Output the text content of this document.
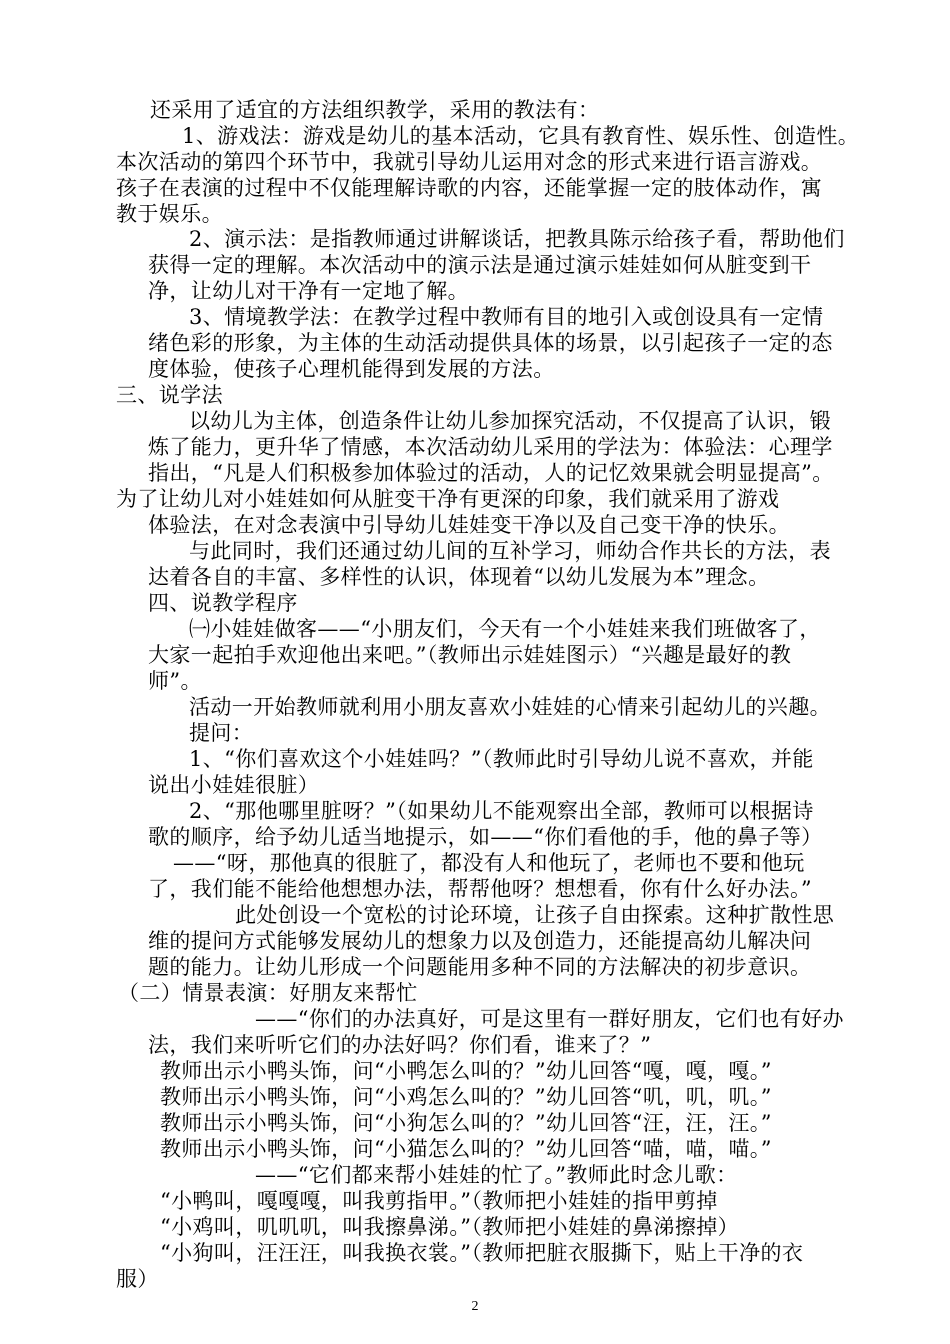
还采用了适宜的方法组织教学，采用的教法有：
1、游戏法：游戏是幼儿的基本活动，它具有教育性、娱乐性、创造性。
本次活动的第四个环节中，我就引导幼儿运用对念的形式来进行语言游戏。
孩子在表演的过程中不仅能理解诗歌的内容，还能掌握一定的肢体动作，寓
教于娱乐。
2、演示法：是指教师通过讲解谈话，把教具陈示给孩子看，帮助他们
获得一定的理解。本次活动中的演示法是通过演示娃娃如何从脏变到干
净，让幼儿对干净有一定地了解。
3、情境教学法：在教学过程中教师有目的地引入或创设具有一定情
绪色彩的形象，为主体的生动活动提供具体的场景，以引起孩子一定的态
度体验，使孩子心理机能得到发展的方法。
三、说学法
以幼儿为主体，创造条件让幼儿参加探究活动，不仅提高了认识，锻
炼了能力，更升华了情感，本次活动幼儿采用的学法为：体验法：心理学
指出，“凡是人们积极参加体验过的活动，人的记忆效果就会明显提高”。
为了让幼儿对小娃娃如何从脏变干净有更深的印象，我们就采用了游戏
体验法，在对念表演中引导幼儿娃娃变干净以及自己变干净的快乐。
与此同时，我们还通过幼儿间的互补学习，师幼合作共长的方法，表
达着各自的丰富、多样性的认识，体现着“以幼儿发展为本”理念。
四、说教学程序
㈠小娃娃做客——“小朋友们，今天有一个小娃娃来我们班做客了，
大家一起拍手欢迎他出来吧。”（教师出示娃娃图示）“兴趣是最好的教
师”。
活动一开始教师就利用小朋友喜欢小娃娃的心情来引起幼儿的兴趣。
提问：
1、“你们喜欢这个小娃娃吗？”（教师此时引导幼儿说不喜欢，并能
说出小娃娃很脏）
2、“那他哪里脏呀？”（如果幼儿不能观察出全部，教师可以根据诗
歌的顺序，给予幼儿适当地提示，如——“你们看他的手，他的鼻子等）
——“呀，那他真的很脏了，都没有人和他玩了，老师也不要和他玩
了，我们能不能给他想想办法，帮帮他呀？想想看，你有什么好办法。”
此处创设一个宽松的讨论环境，让孩子自由探索。这种扩散性思
维的提问方式能够发展幼儿的想象力以及创造力，还能提高幼儿解决问
题的能力。让幼儿形成一个问题能用多种不同的方法解决的初步意识。
（二）情景表演：好朋友来帮忙
——“你们的办法真好，可是这里有一群好朋友，它们也有好办
法，我们来听听它们的办法好吗？你们看，谁来了？”
教师出示小鸭头饰，问“小鸭怎么叫的？”幼儿回答“嘎，嘎，嘎。”
教师出示小鸭头饰，问“小鸡怎么叫的？”幼儿回答“叽，叽，叽。”
教师出示小鸭头饰，问“小狗怎么叫的？”幼儿回答“汪，汪，汪。”
教师出示小鸭头饰，问“小猫怎么叫的？”幼儿回答“喵，喵，喵。”
——“它们都来帮小娃娃的忙了。”教师此时念儿歌：
“小鸭叫，嘎嘎嘎，叫我剪指甲。”（教师把小娃娃的指甲剪掉
“小鸡叫，叽叽叽，叫我擦鼻涕。”（教师把小娃娃的鼻涕擦掉）
“小狗叫，汪汪汪，叫我换衣裳。”（教师把脏衣服撕下，贴上干净的衣
服）
2
